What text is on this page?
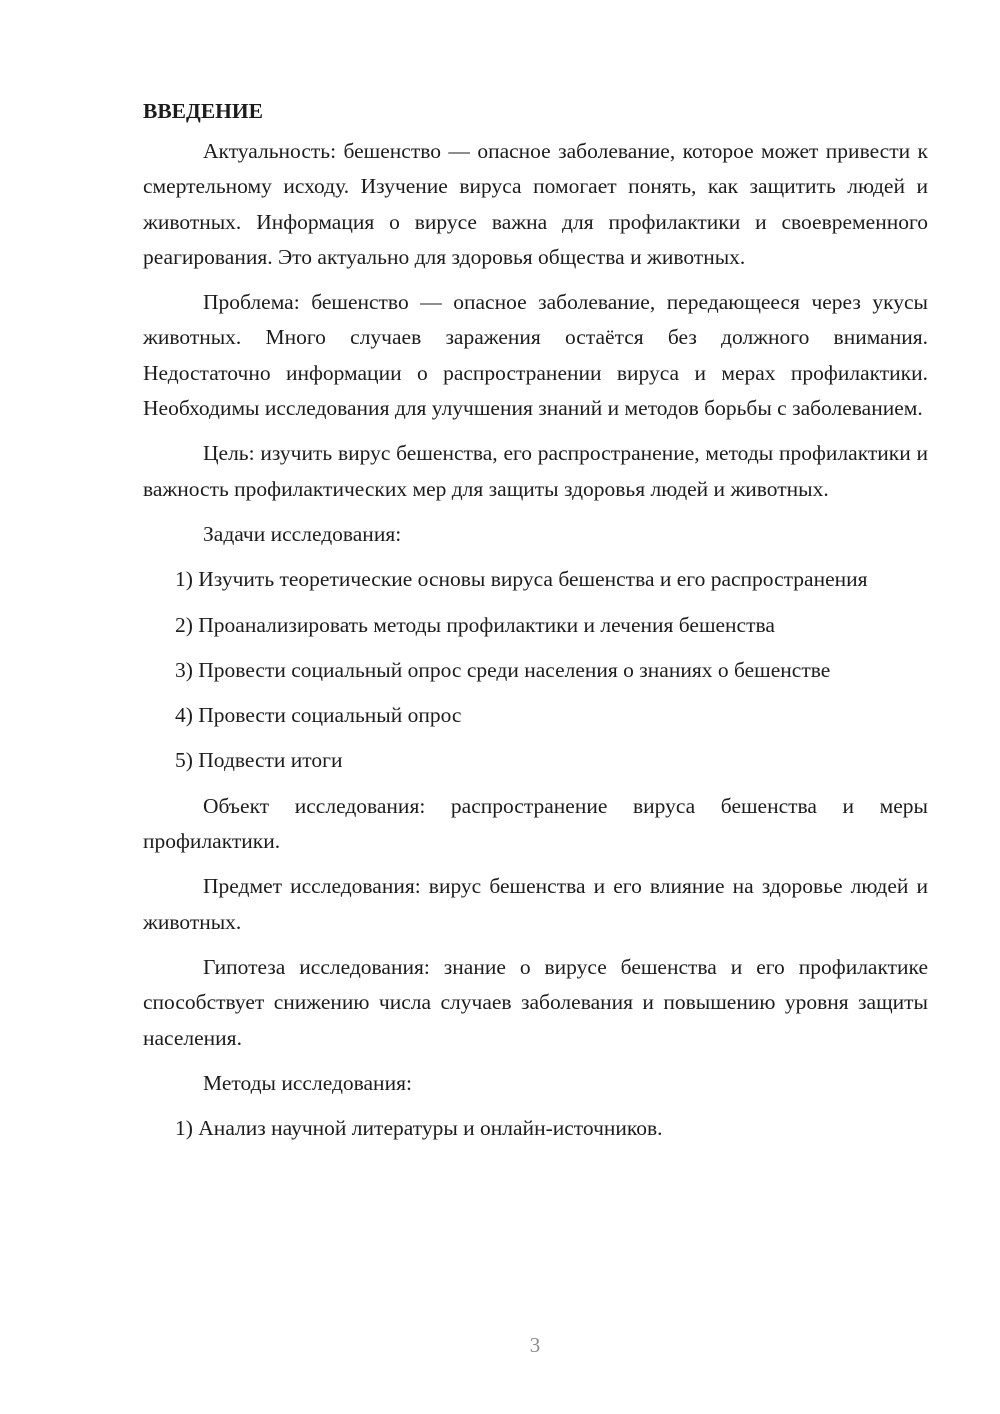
ВВЕДЕНИЕ

Актуальность: бешенство — опасное заболевание, которое может привести к смертельному исходу. Изучение вируса помогает понять, как защитить людей и животных. Информация о вирусе важна для профилактики и своевременного реагирования. Это актуально для здоровья общества и животных.

Проблема: бешенство — опасное заболевание, передающееся через укусы животных. Много случаев заражения остаётся без должного внимания. Недостаточно информации о распространении вируса и мерах профилактики. Необходимы исследования для улучшения знаний и методов борьбы с заболеванием.

Цель: изучить вирус бешенства, его распространение, методы профилактики и важность профилактических мер для защиты здоровья людей и животных.

Задачи исследования:

1) Изучить теоретические основы вируса бешенства и его распространения

2) Проанализировать методы профилактики и лечения бешенства

3) Провести социальный опрос среди населения о знаниях о бешенстве

4) Провести социальный опрос

5) Подвести итоги

Объект исследования: распространение вируса бешенства и меры профилактики.

Предмет исследования: вирус бешенства и его влияние на здоровье людей и животных.

Гипотеза исследования: знание о вирусе бешенства и его профилактике способствует снижению числа случаев заболевания и повышению уровня защиты населения.

Методы исследования:

1) Анализ научной литературы и онлайн-источников.

3
